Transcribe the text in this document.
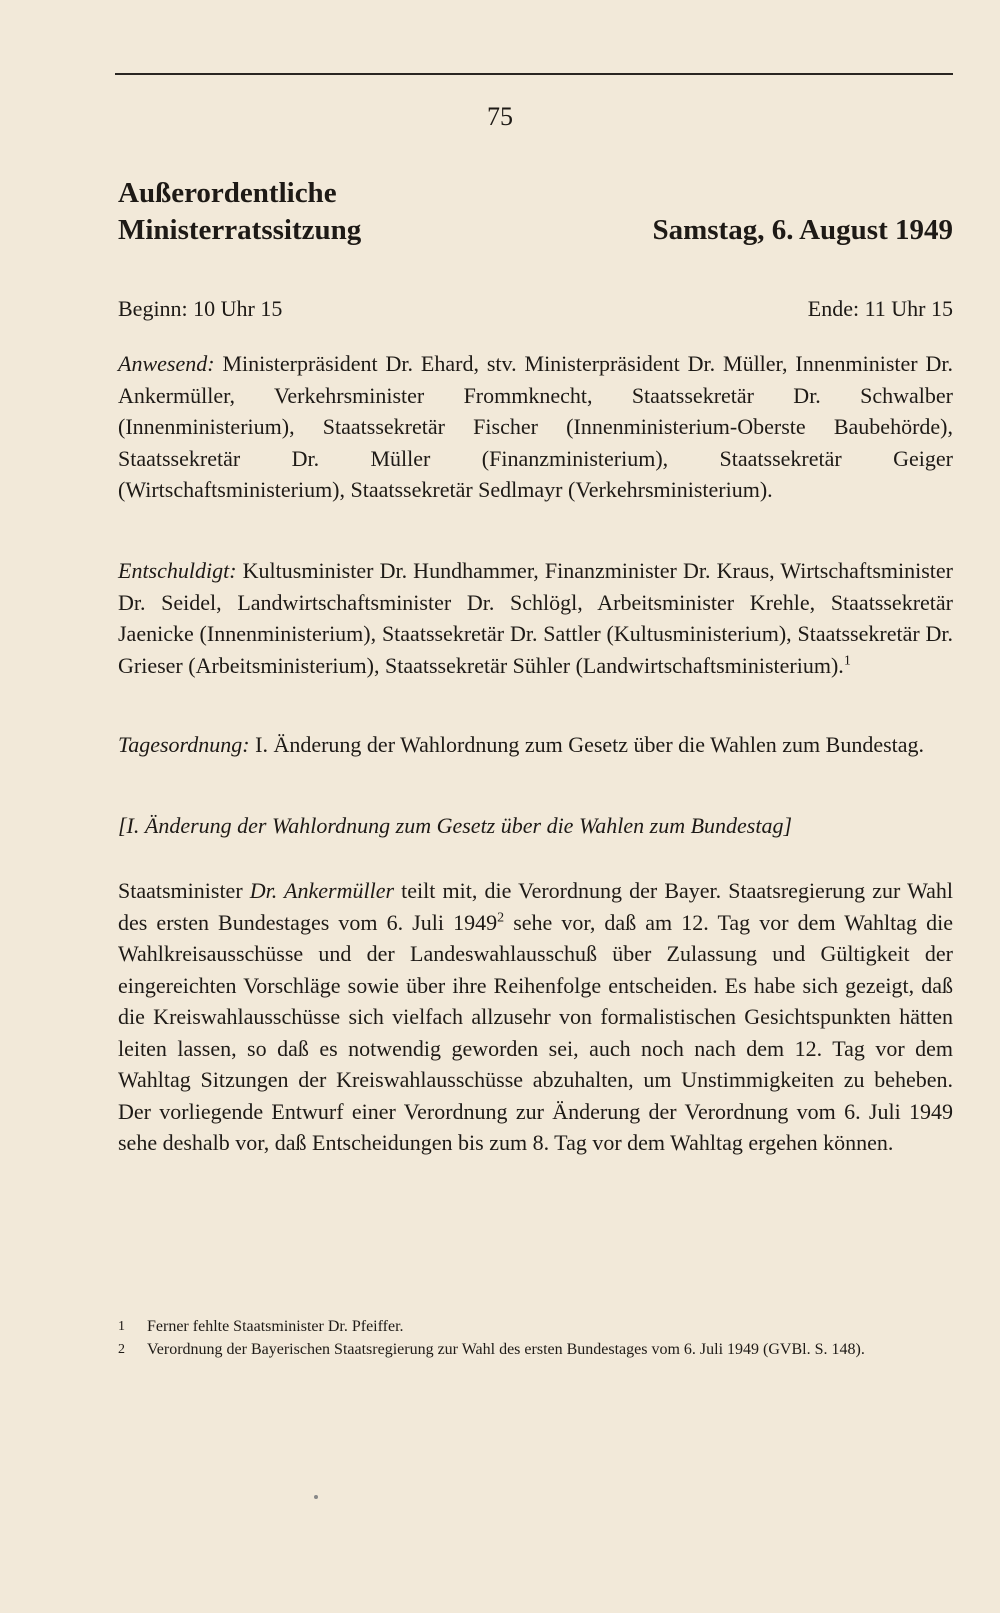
75
Außerordentliche
Ministerratssitzung	Samstag, 6. August 1949
Beginn: 10 Uhr 15	Ende: 11 Uhr 15

Anwesend: Ministerpräsident Dr. Ehard, stv. Ministerpräsident Dr. Müller, Innenminister Dr. Ankermüller, Verkehrsminister Frommknecht, Staatssekretär Dr. Schwalber (Innenministerium), Staatssekretär Fischer (Innenministerium-Oberste Baubehörde), Staatssekretär Dr. Müller (Finanzministerium), Staatssekretär Geiger (Wirtschaftsministerium), Staatssekretär Sedlmayr (Verkehrsministerium).

Entschuldigt: Kultusminister Dr. Hundhammer, Finanzminister Dr. Kraus, Wirtschaftsminister Dr. Seidel, Landwirtschaftsminister Dr. Schlögl, Arbeitsminister Krehle, Staatssekretär Jaenicke (Innenministerium), Staatssekretär Dr. Sattler (Kultusministerium), Staatssekretär Dr. Grieser (Arbeitsministerium), Staatssekretär Sühler (Landwirtschaftsministerium).$^1$

Tagesordnung: I. Änderung der Wahlordnung zum Gesetz über die Wahlen zum Bundestag.

[I. Änderung der Wahlordnung zum Gesetz über die Wahlen zum Bundestag]

Staatsminister Dr. Ankermüller teilt mit, die Verordnung der Bayer. Staatsregierung zur Wahl des ersten Bundestages vom 6. Juli 1949$^2$ sehe vor, daß am 12. Tag vor dem Wahltag die Wahlkreisausschüsse und der Landeswahlausschuß über Zulassung und Gültigkeit der eingereichten Vorschläge sowie über ihre Reihenfolge entscheiden. Es habe sich gezeigt, daß die Kreiswahlausschüsse sich vielfach allzusehr von formalistischen Gesichtspunkten hätten leiten lassen, so daß es notwendig geworden sei, auch noch nach dem 12. Tag vor dem Wahltag Sitzungen der Kreiswahlausschüsse abzuhalten, um Unstimmigkeiten zu beheben. Der vorliegende Entwurf einer Verordnung zur Änderung der Verordnung vom 6. Juli 1949 sehe deshalb vor, daß Entscheidungen bis zum 8. Tag vor dem Wahltag ergehen können.

1 Ferner fehlte Staatsminister Dr. Pfeiffer.
2 Verordnung der Bayerischen Staatsregierung zur Wahl des ersten Bundestages vom 6. Juli 1949 (GVBl. S. 148).
